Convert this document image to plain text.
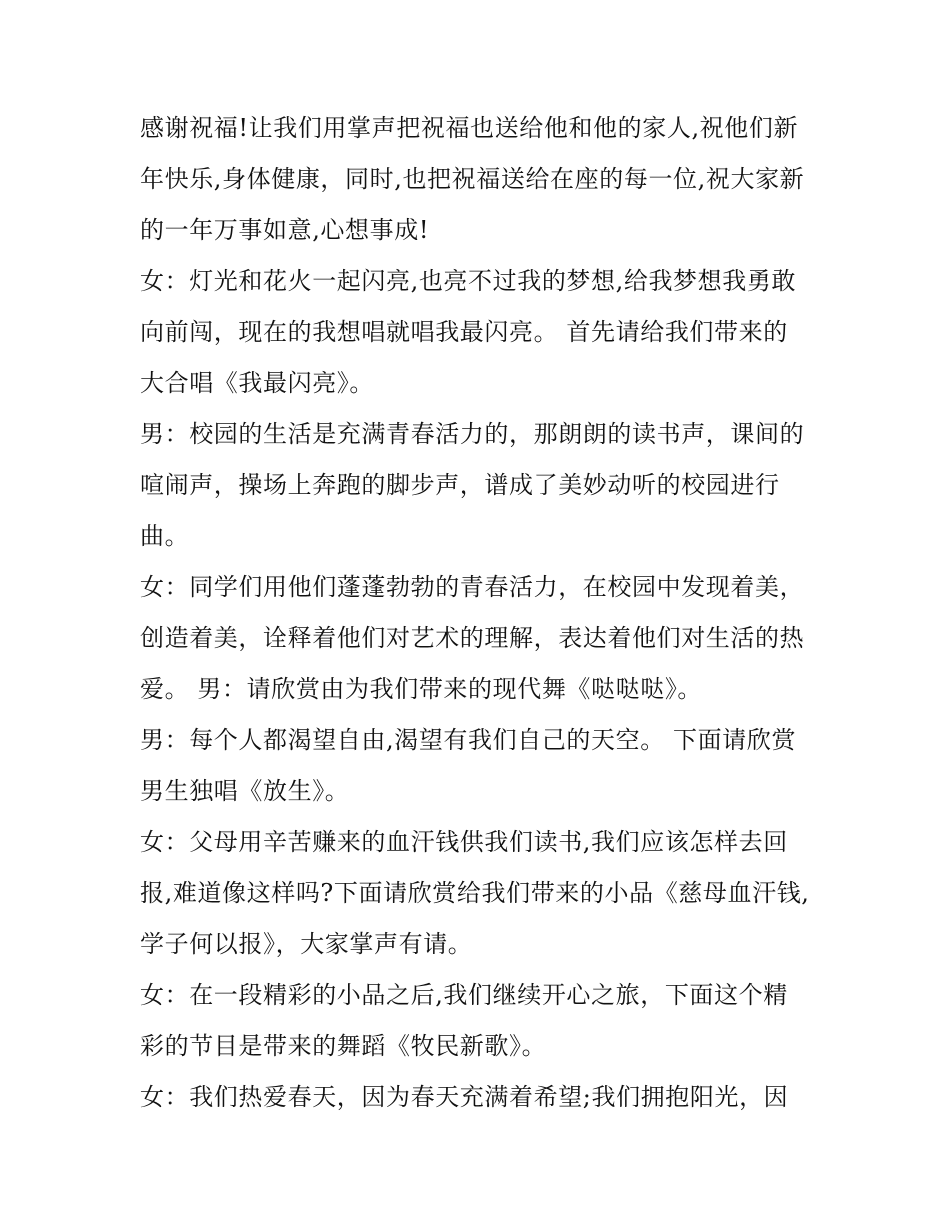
感谢祝福!让我们用掌声把祝福也送给他和他的家人,祝他们新
年快乐,身体健康，同时,也把祝福送给在座的每一位,祝大家新
的一年万事如意,心想事成!

女：灯光和花火一起闪亮,也亮不过我的梦想,给我梦想我勇敢
向前闯，现在的我想唱就唱我最闪亮。 首先请给我们带来的
大合唱《我最闪亮》。

男：校园的生活是充满青春活力的，那朗朗的读书声，课间的
喧闹声，操场上奔跑的脚步声，谱成了美妙动听的校园进行
曲。

女：同学们用他们蓬蓬勃勃的青春活力，在校园中发现着美，
创造着美，诠释着他们对艺术的理解，表达着他们对生活的热
爱。 男：请欣赏由为我们带来的现代舞《哒哒哒》。

男：每个人都渴望自由,渴望有我们自己的天空。 下面请欣赏
男生独唱《放生》。

女：父母用辛苦赚来的血汗钱供我们读书,我们应该怎样去回
报,难道像这样吗?下面请欣赏给我们带来的小品《慈母血汗钱,
学子何以报》，大家掌声有请。

女：在一段精彩的小品之后,我们继续开心之旅，下面这个精
彩的节目是带来的舞蹈《牧民新歌》。

女：我们热爱春天，因为春天充满着希望;我们拥抱阳光，因
